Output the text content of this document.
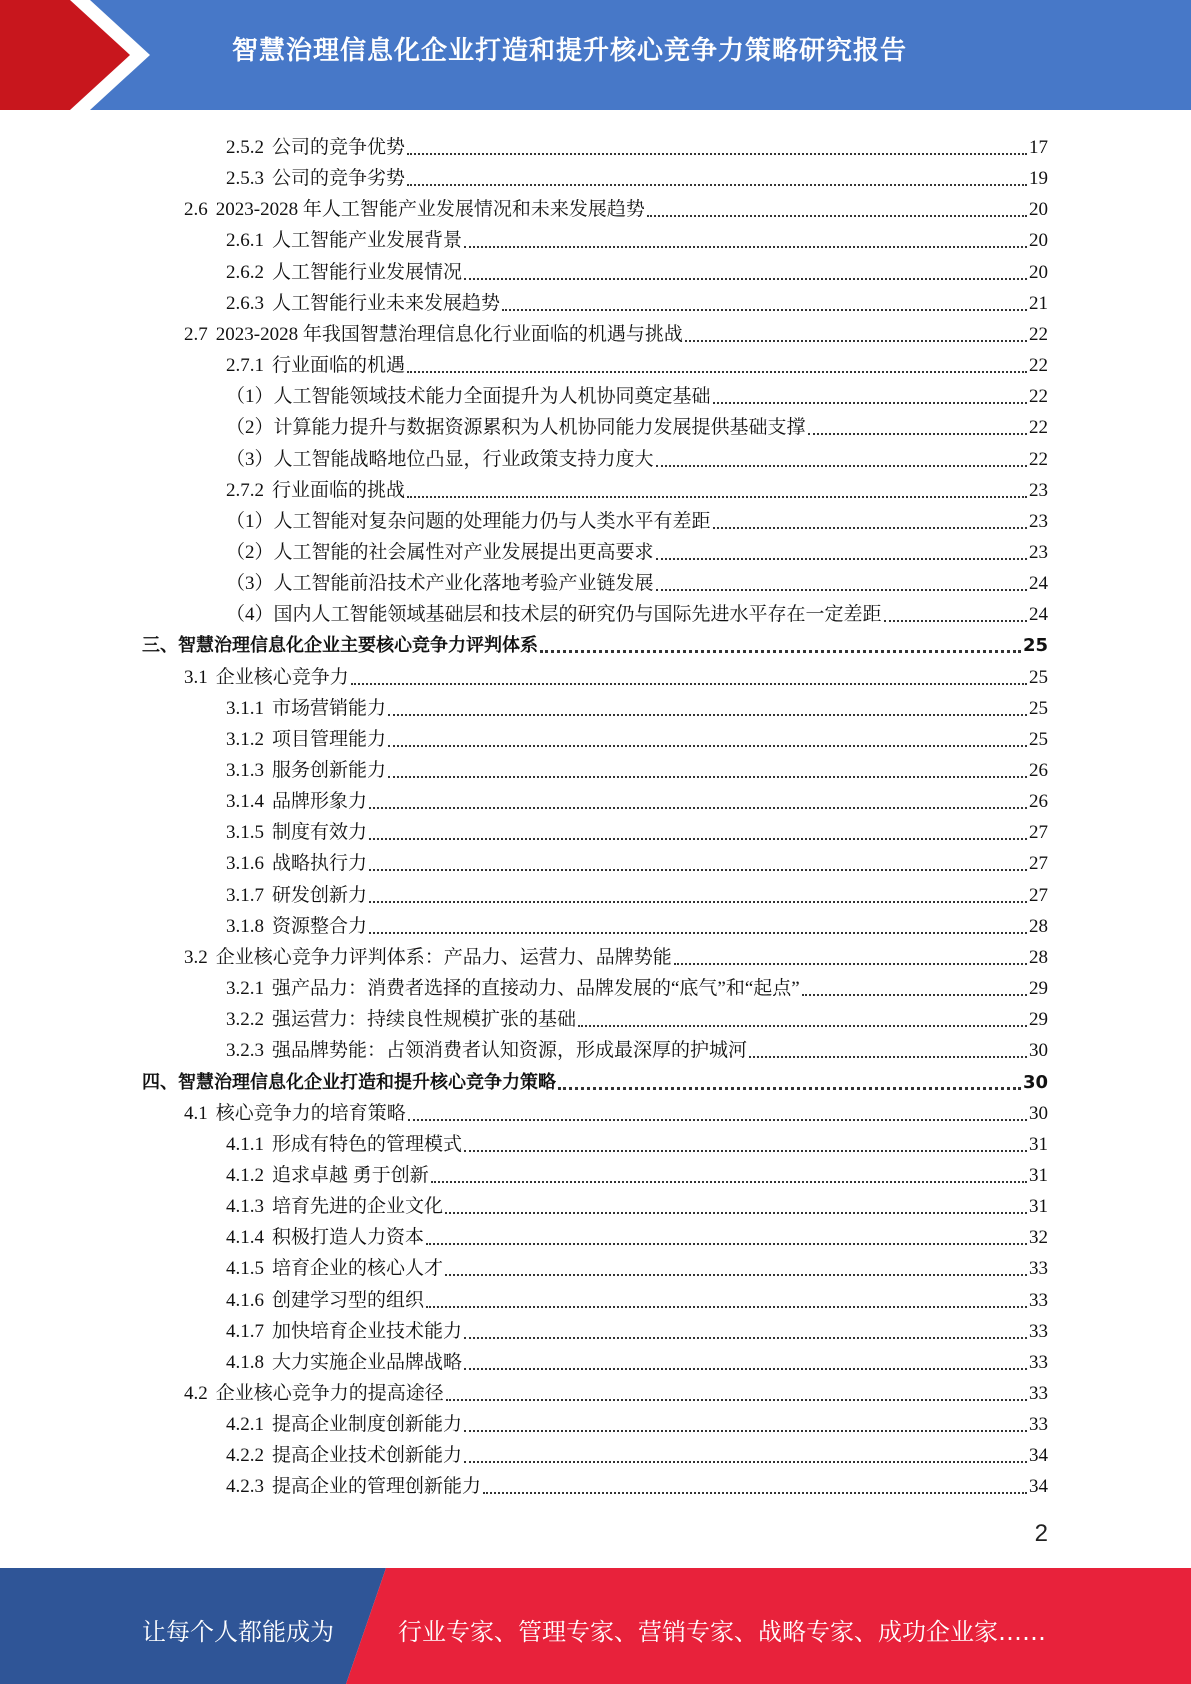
智慧治理信息化企业打造和提升核心竞争力策略研究报告
2.5.2 公司的竞争优势	17
2.5.3 公司的竞争劣势	19
2.6 2023-2028 年人工智能产业发展情况和未来发展趋势	20
2.6.1 人工智能产业发展背景	20
2.6.2 人工智能行业发展情况	20
2.6.3 人工智能行业未来发展趋势	21
2.7 2023-2028 年我国智慧治理信息化行业面临的机遇与挑战	22
2.7.1 行业面临的机遇	22
（1） 人工智能领域技术能力全面提升为人机协同奠定基础	22
（2） 计算能力提升与数据资源累积为人机协同能力发展提供基础支撑	22
（3） 人工智能战略地位凸显，行业政策支持力度大	22
2.7.2 行业面临的挑战	23
（1） 人工智能对复杂问题的处理能力仍与人类水平有差距	23
（2） 人工智能的社会属性对产业发展提出更高要求	23
（3） 人工智能前沿技术产业化落地考验产业链发展	24
（4） 国内人工智能领域基础层和技术层的研究仍与国际先进水平存在一定差距	24
三、智慧治理信息化企业主要核心竞争力评判体系	25
3.1 企业核心竞争力	25
3.1.1 市场营销能力	25
3.1.2 项目管理能力	25
3.1.3 服务创新能力	26
3.1.4 品牌形象力	26
3.1.5 制度有效力	27
3.1.6 战略执行力	27
3.1.7 研发创新力	27
3.1.8 资源整合力	28
3.2 企业核心竞争力评判体系：产品力、运营力、品牌势能	28
3.2.1 强产品力：消费者选择的直接动力、品牌发展的“底气”和“起点”	29
3.2.2 强运营力：持续良性规模扩张的基础	29
3.2.3 强品牌势能：占领消费者认知资源，形成最深厚的护城河	30
四、智慧治理信息化企业打造和提升核心竞争力策略	30
4.1 核心竞争力的培育策略	30
4.1.1 形成有特色的管理模式	31
4.1.2 追求卓越 勇于创新	31
4.1.3 培育先进的企业文化	31
4.1.4 积极打造人力资本	32
4.1.5 培育企业的核心人才	33
4.1.6 创建学习型的组织	33
4.1.7 加快培育企业技术能力	33
4.1.8 大力实施企业品牌战略	33
4.2 企业核心竞争力的提高途径	33
4.2.1 提高企业制度创新能力	33
4.2.2 提高企业技术创新能力	34
4.2.3 提高企业的管理创新能力	34
2
让每个人都能成为	行业专家、管理专家、营销专家、战略专家、成功企业家……
